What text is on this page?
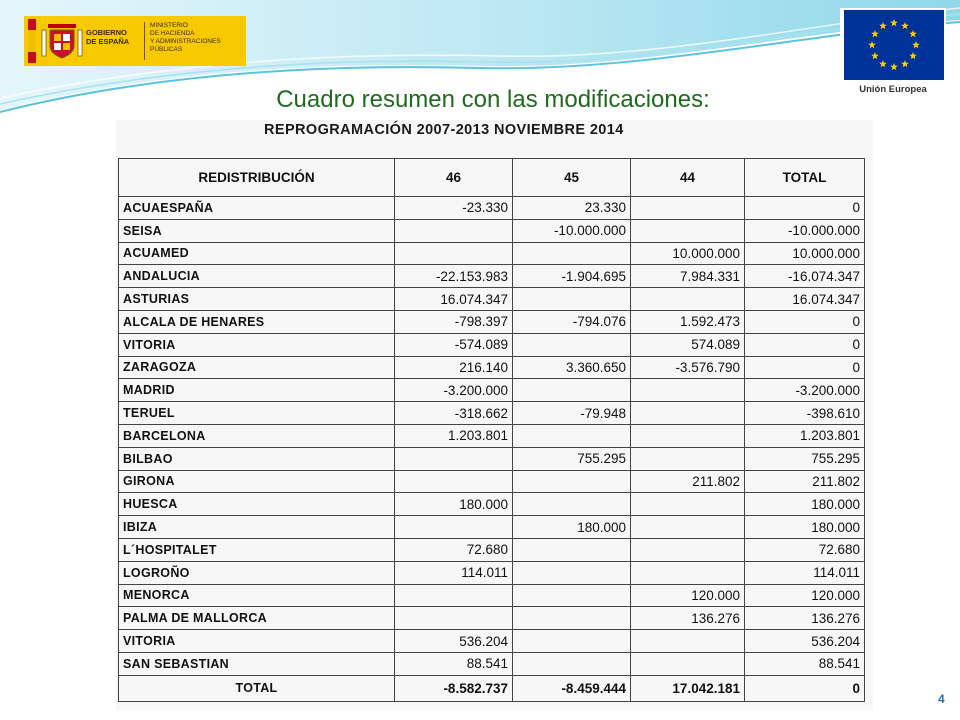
GOBIERNO
DE ESPAÑA
MINISTERIO
DE HACIENDA
Y ADMINISTRACIONES PÚBLICAS
Unión Europea
Cuadro resumen con las modificaciones:
REPROGRAMACIÓN 2007-2013 NOVIEMBRE 2014
REDISTRIBUCIÓN	46	45	44	TOTAL
ACUAESPAÑA	-23.330	23.330		0
SEISA		-10.000.000		-10.000.000
ACUAMED			10.000.000	10.000.000
ANDALUCIA	-22.153.983	-1.904.695	7.984.331	-16.074.347
ASTURIAS	16.074.347			16.074.347
ALCALA DE HENARES	-798.397	-794.076	1.592.473	0
VITORIA	-574.089		574.089	0
ZARAGOZA	216.140	3.360.650	-3.576.790	0
MADRID	-3.200.000			-3.200.000
TERUEL	-318.662	-79.948		-398.610
BARCELONA	1.203.801			1.203.801
BILBAO		755.295		755.295
GIRONA			211.802	211.802
HUESCA	180.000			180.000
IBIZA		180.000		180.000
L´HOSPITALET	72.680			72.680
LOGROÑO	114.011			114.011
MENORCA			120.000	120.000
PALMA DE MALLORCA			136.276	136.276
VITORIA	536.204			536.204
SAN SEBASTIAN	88.541			88.541
TOTAL	-8.582.737	-8.459.444	17.042.181	0
4
